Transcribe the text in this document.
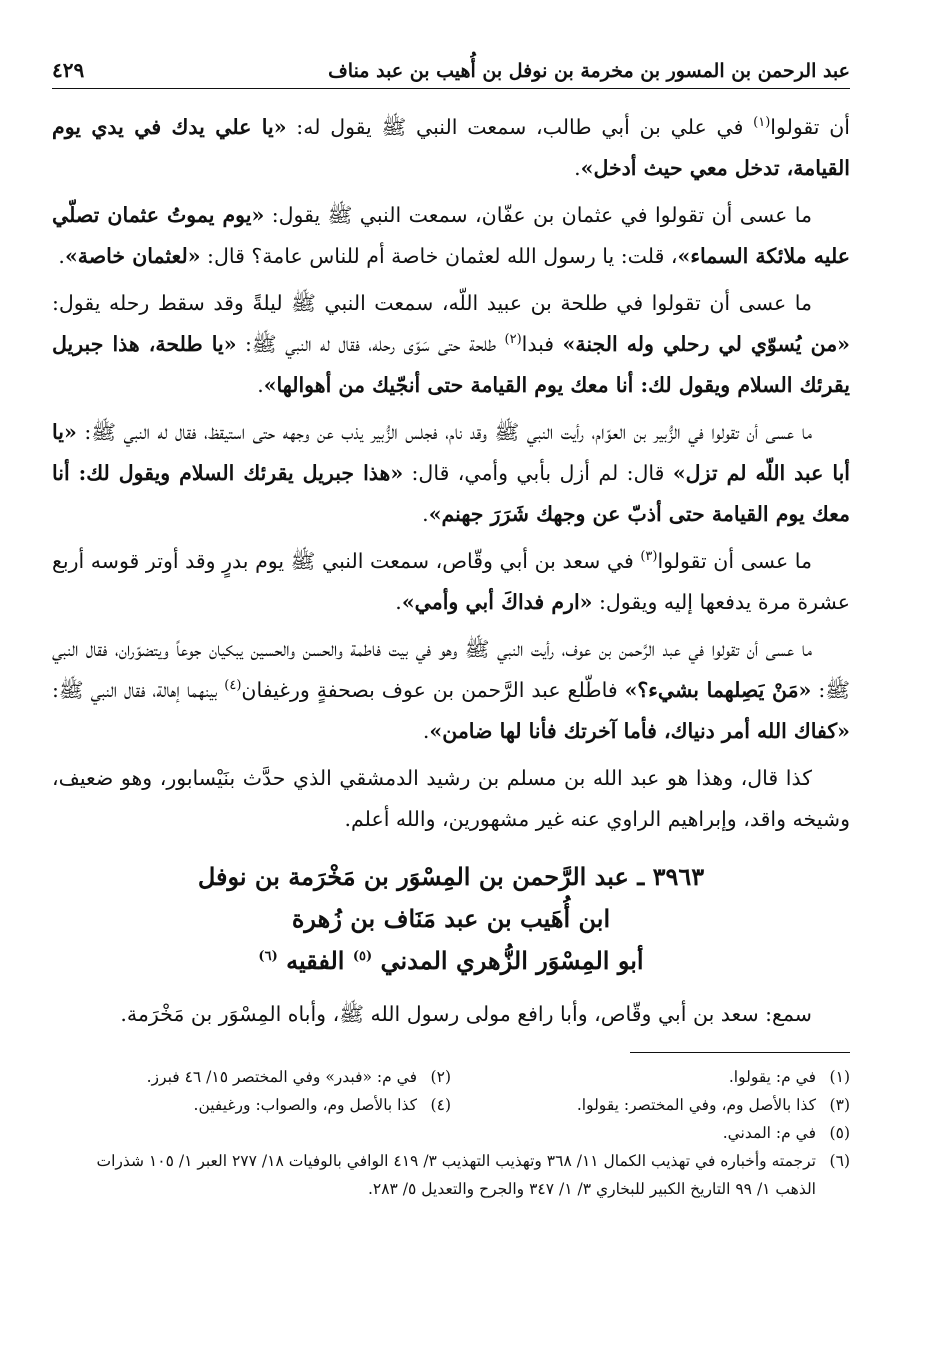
عبد الرحمن بن المسور بن مخرمة بن نوفل بن أُهيب بن عبد مناف
٤٢٩

أن تقولوا$^{(١)}$ في علي بن أبي طالب، سمعت النبي ﷺ يقول له: «يا علي يدك في يدي يوم القيامة، تدخل معي حيث أدخل».

ما عسى أن تقولوا في عثمان بن عفّان، سمعت النبي ﷺ يقول: «يوم يموتُ عثمان تصلّي عليه ملائكة السماء»، قلت: يا رسول الله لعثمان خاصة أم للناس عامة؟ قال: «لعثمان خاصة».

ما عسى أن تقولوا في طلحة بن عبيد اللّه، سمعت النبي ﷺ ليلةً وقد سقط رحله يقول: «من يُسوّي لي رحلي وله الجنة» فبدا$^{(٢)}$ طلحة حتى سَوّى رحله، فقال له النبي ﷺ: «يا طلحة، هذا جبريل يقرئك السلام ويقول لك: أنا معك يوم القيامة حتى أنجّيك من أهوالها».

ما عسى أن تقولوا في الزُّبير بن العوّام، رأيت النبي ﷺ وقد نام، فجلس الزُّبير يذب عن وجهه حتى استيقظ، فقال له النبي ﷺ: «يا أبا عبد اللّه لم تزل» قال: لم أزل بأبي وأمي، قال: «هذا جبريل يقرئك السلام ويقول لك: أنا معك يوم القيامة حتى أذبّ عن وجهك شَرَرَ جهنم».

ما عسى أن تقولوا$^{(٣)}$ في سعد بن أبي وقّاص، سمعت النبي ﷺ يوم بدرٍ وقد أوتر قوسه أربع عشرة مرة يدفعها إليه ويقول: «ارم فداكَ أبي وأمي».

ما عسى أن تقولوا في عبد الرَّحمن بن عوف، رأيت النبي ﷺ وهو في بيت فاطمة والحسن والحسين يبكيان جوعاً ويتضوّران، فقال النبي ﷺ: «مَنْ يَصِلهما بشيء؟» فاطّلع عبد الرَّحمن بن عوف بصحفةٍ ورغيفان$^{(٤)}$ بينهما إهالة، فقال النبي ﷺ: «كفاك الله أمر دنياك، فأما آخرتك فأنا لها ضامن».

كذا قال، وهذا هو عبد الله بن مسلم بن رشيد الدمشقي الذي حدَّث بنَيْسابور، وهو ضعيف، وشيخه واقد، وإبراهيم الراوي عنه غير مشهورين، والله أعلم.

٣٩٦٣ ـ عبد الرَّحمن بن المِسْوَر بن مَخْرَمة بن نوفل
ابن أُهَيب بن عبد مَنَاف بن زُهرة
أبو المِسْوَر الزُّهري المدني $^{(٥)}$ الفقيه $^{(٦)}$
سمع: سعد بن أبي وقّاص، وأبا رافع مولى رسول الله ﷺ، وأباه المِسْوَر بن مَخْرَمة.
(١)
في م: يقولوا.
(٢)
في م: «فبدر» وفي المختصر ١٥/ ٤٦ فبرز.
(٣)
كذا بالأصل وم، وفي المختصر: يقولوا.
(٤)
كذا بالأصل وم، والصواب: ورغيفين.
(٥)
في م: المدني.
(٦)
ترجمته وأخباره في تهذيب الكمال ١١/ ٣٦٨ وتهذيب التهذيب ٣/ ٤١٩ الوافي بالوفيات ١٨/ ٢٧٧ العبر ١/ ١٠٥ شذرات الذهب ١/ ٩٩ التاريخ الكبير للبخاري ٣/ ١/ ٣٤٧ والجرح والتعديل ٥/ ٢٨٣.
